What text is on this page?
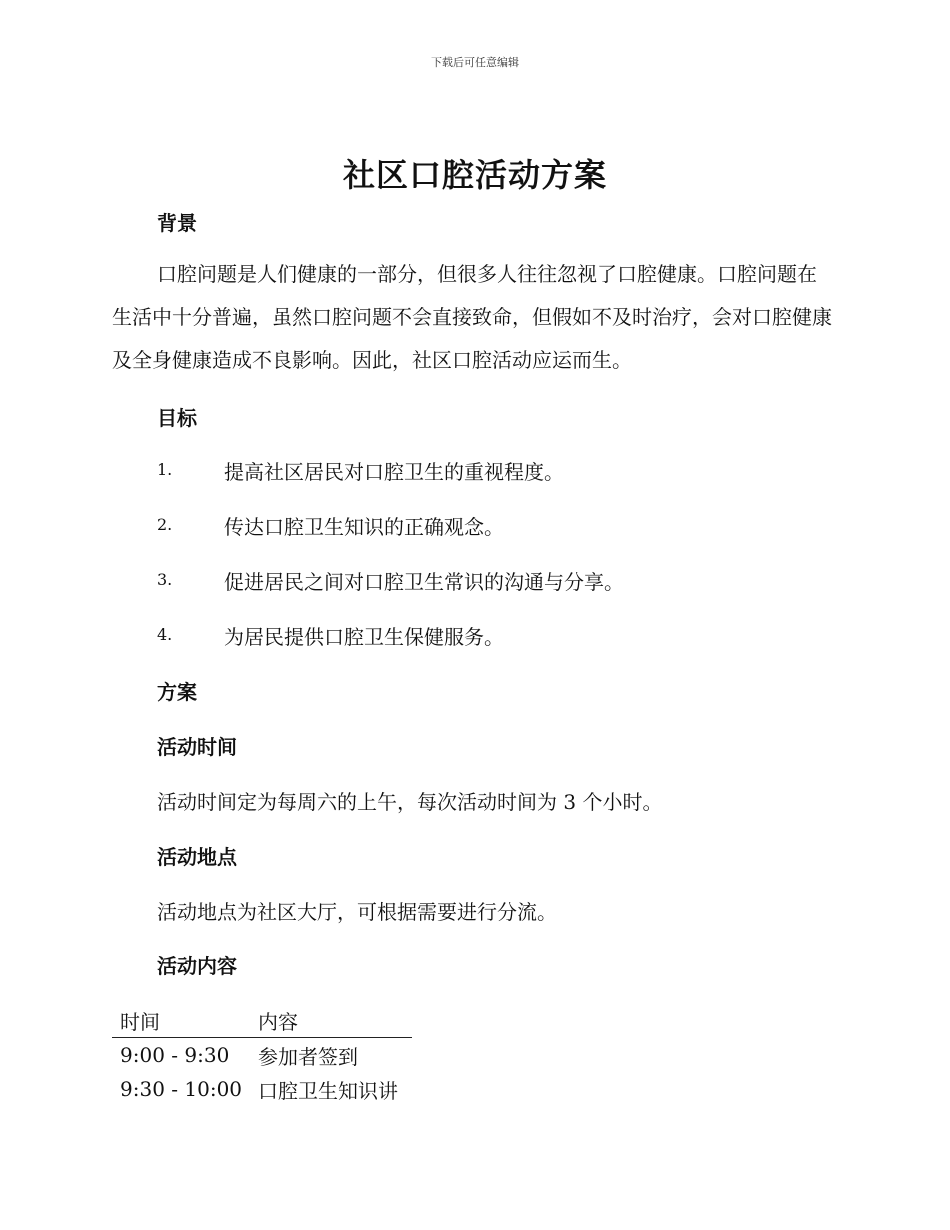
下载后可任意编辑
社区口腔活动方案
背景

口腔问题是人们健康的一部分，但很多人往往忽视了口腔健康。口腔问题在生活中十分普遍，虽然口腔问题不会直接致命，但假如不及时治疗，会对口腔健康及全身健康造成不良影响。因此，社区口腔活动应运而生。

目标
1.	提高社区居民对口腔卫生的重视程度。
2.	传达口腔卫生知识的正确观念。
3.	促进居民之间对口腔卫生常识的沟通与分享。
4.	为居民提供口腔卫生保健服务。
方案
活动时间

活动时间定为每周六的上午，每次活动时间为 3 个小时。

活动地点

活动地点为社区大厅，可根据需要进行分流。

活动内容
时间	内容
9:00 - 9:30	参加者签到
9:30 - 10:00	口腔卫生知识讲
